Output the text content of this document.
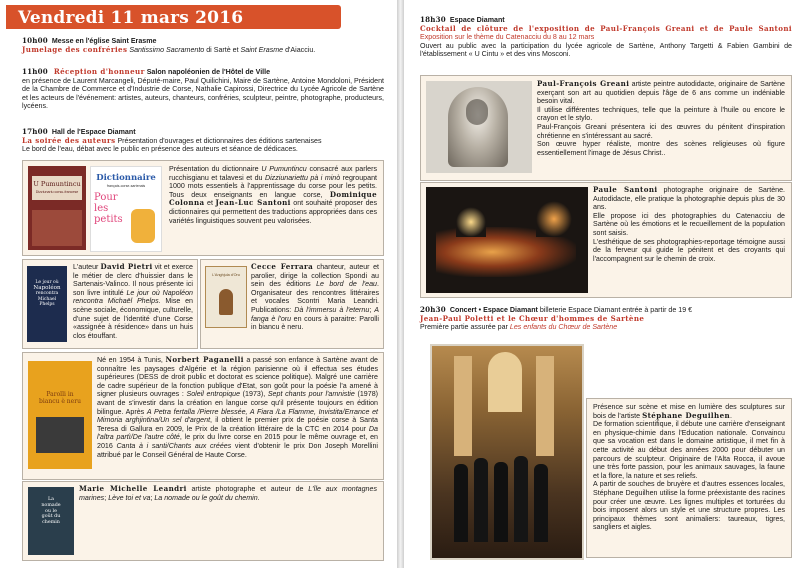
Vendredi 11 mars 2016

10h00 Messe en l'église Saint Erasme

Jumelage des confréries Santissimo Sacramento di Sartè et Saint Erasme d'Aiacciu.

11h00 Réception d'honneur Salon napoléonien de l'Hôtel de Ville

en présence de Laurent Marcangeli, Député-maire, Paul Quilichini, Maire de Sartène, Antoine Mondoloni, Président de la Chambre de Commerce et d'Industrie de Corse, Nathalie Capirossi, Directrice du Lycée Agricole de Sartène et les acteurs de l'événement: artistes, auteurs, chanteurs, confréries, sculpteur, peintre, photographe, producteurs, lycéens.

17h00 Hall de l'Espace Diamant

La soirée des auteurs Présentation d'ouvrages et dictionnaires des éditions sartenaises

Le bord de l'eau, débat avec le public en présence des auteurs et séance de dédicaces.

U Pumuntincu
Dizziunariu corsu-francese
Dictionnaire
français-corse-sartenais
Pour
les
petits
Présentation du dictionnaire U Pumuntincu consacré aux parlers rucchisgianu et talavesi et du Dizziunariettu pà i minò regroupant 1000 mots essentiels à l'apprentissage du corse pour les petits. Tous deux enseignants en langue corse, Dominique Colonna et Jean-Luc Santoni ont souhaité proposer des dictionnaires qui permettent des traductions appropriées dans ces variétés linguistiques souvent peu valorisées.
Le jour où
Napoléon
rencontra
Michael
Phelps
L'auteur David Pietri vit et exerce le métier de clerc d'huissier dans le Sartenais-Valinco. Il nous présente ici son livre intitulé Le jour où Napoléon rencontra Michaël Phelps. Mise en scène sociale, économique, culturelle, d'une sujet de l'identité d'une Corse «assignée à résidence» dans un huis clos étouffant.
L'Anghjula d'Oru
Cecce Ferrara chanteur, auteur et parolier, dirige la collection Spondi au sein des éditions Le bord de l'eau. Organisateur des rencontres littéraires et vocales Scontri Maria Leandri. Publications: Dà l'immersu à l'eternu; A fanga è l'oru en cours à paraitre: Parolli in biancu è neru.
Parolli in
biancu è neru
Né en 1954 à Tunis, Norbert Paganelli a passé son enfance à Sartène avant de connaître les paysages d'Algérie et la région parisienne où il effectua ses études supérieures (DESS de droit public et doctorat es science politique). Malgré une carrière de cadre supérieur de la fonction publique d'Etat, son goût pour la poésie l'a amené à signer plusieurs ouvrages : Soleil entropique (1973), Sept chants pour l'amnistie (1978) avant de s'investir dans la création en langue corse qu'il présente toujours en édition bilingue. Après A Petra fertalla /Pierre blessée, A Fiara /La Flamme, Invistita/Errance et Mimoria arghjintina/Un sel d'argent, il obtient le premier prix de poésie corse à Santa Teresa di Gallura en 2009, le Prix de la création littéraire de la CTC en 2014 pour Da l'altra partì/De l'autre côté, le prix du livre corse en 2015 pour le même ouvrage et, en 2016 Canta à i santi/Chants aux créées vient d'obtenir le prix Don Joseph Morellini attribué par le Conseil Général de Haute Corse.
La
nomade
ou le
goût du
chemin
Marie Michelle Leandri artiste photographe et auteur de L'île aux montagnes marines; Lève toi et va; La nomade ou le goût du chemin.

18h30 Espace Diamant

Cocktail de clôture de l'exposition de Paul-François Greani et de Paule Santoni Exposition sur le thème du Catenacciu du 8 au 12 mars

Ouvert au public avec la participation du lycée agricole de Sartène, Anthony Targetti & Fabien Gambini de l'établissement « U Cintu » et des vins Mosconi.

Paul-François Greani artiste peintre autodidacte, originaire de Sartène exerçant son art au quotidien depuis l'âge de 6 ans comme un indéniable besoin vital.

Il utilise différentes techniques, telle que la peinture à l'huile ou encore le crayon et le stylo.

Paul-François Greani présentera ici des œuvres du pénitent d'inspiration chrétienne en s'intéressant au sacré.

Son œuvre hyper réaliste, montre des scènes religieuses où figure essentiellement l'image de Jésus Christ..

Paule Santoni photographe originaire de Sartène. Autodidacte, elle pratique la photographie depuis plus de 30 ans.

Elle propose ici des photographies du Catenacciu de Sartène où les émotions et le recueillement de la population sont saisis.

L'esthétique de ses photographies-reportage témoigne aussi de la ferveur qui guide le pénitent et des croyants qui l'accompagnent sur le chemin de croix.

20h30 Concert • Espace Diamant billeterie Espace Diamant entrée à partir de 19 €

Jean-Paul Poletti et le Chœur d'hommes de Sartène

Première partie assurée par Les enfants du Chœur de Sartène

Présence sur scène et mise en lumière des sculptures sur bois de l'artiste Stéphane Deguilhen.

De formation scientifique, il débute une carrière d'enseignant en physique-chimie dans l'Education nationale. Convaincu que sa vocation est dans le domaine artistique, il met fin à cette activité au début des années 2000 pour débuter un parcours de sculpteur. Originaire de l'Alta Rocca, il avoue une très forte passion, pour les animaux sauvages, la faune et la flore, la nature et ses reliefs.

A partir de souches de bruyère et d'autres essences locales, Stéphane Deguilhen utilise la forme préexistante des racines pour créer une œuvre. Les lignes multiples et torturées du bois imposent alors un style et une structure propres. Les principaux thèmes sont animaliers: taureaux, tigres, sangliers et aigles.
